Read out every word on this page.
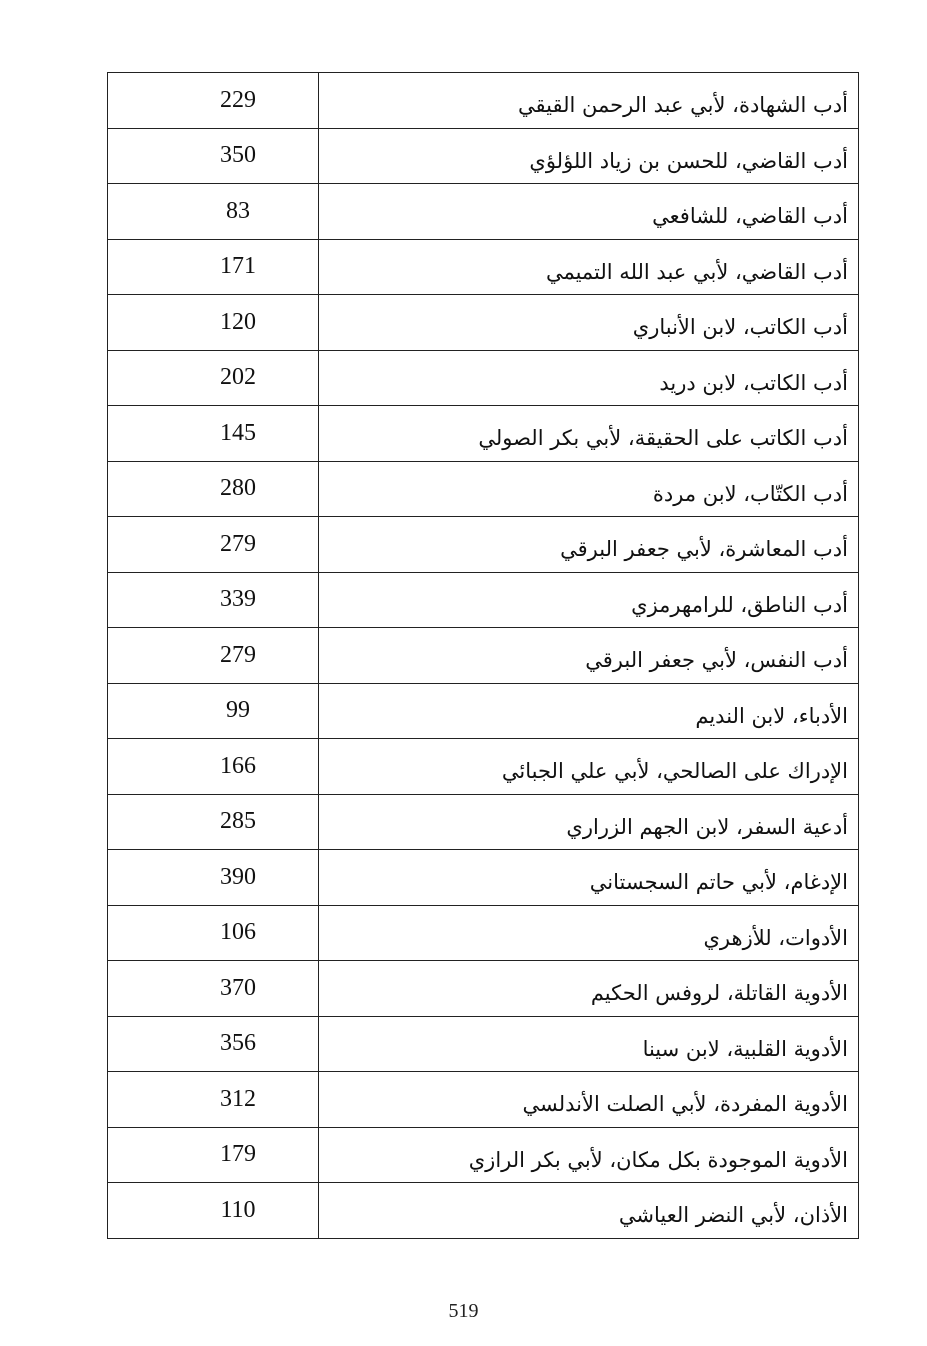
229	أدب الشهادة، لأبي عبد الرحمن القيقي
350	أدب القاضي، للحسن بن زياد اللؤلؤي
83	أدب القاضي، للشافعي
171	أدب القاضي، لأبي عبد الله التميمي
120	أدب الكاتب، لابن الأنباري
202	أدب الكاتب، لابن دريد
145	أدب الكاتب على الحقيقة، لأبي بكر الصولي
280	أدب الكتّاب، لابن مردة
279	أدب المعاشرة، لأبي جعفر البرقي
339	أدب الناطق، للرامهرمزي
279	أدب النفس، لأبي جعفر البرقي
99	الأدباء، لابن النديم
166	الإدراك على الصالحي، لأبي علي الجبائي
285	أدعية السفر، لابن الجهم الزراري
390	الإدغام، لأبي حاتم السجستاني
106	الأدوات، للأزهري
370	الأدوية القاتلة، لروفس الحكيم
356	الأدوية القلبية، لابن سينا
312	الأدوية المفردة، لأبي الصلت الأندلسي
179	الأدوية الموجودة بكل مكان، لأبي بكر الرازي
110	الأذان، لأبي النضر العياشي
519
